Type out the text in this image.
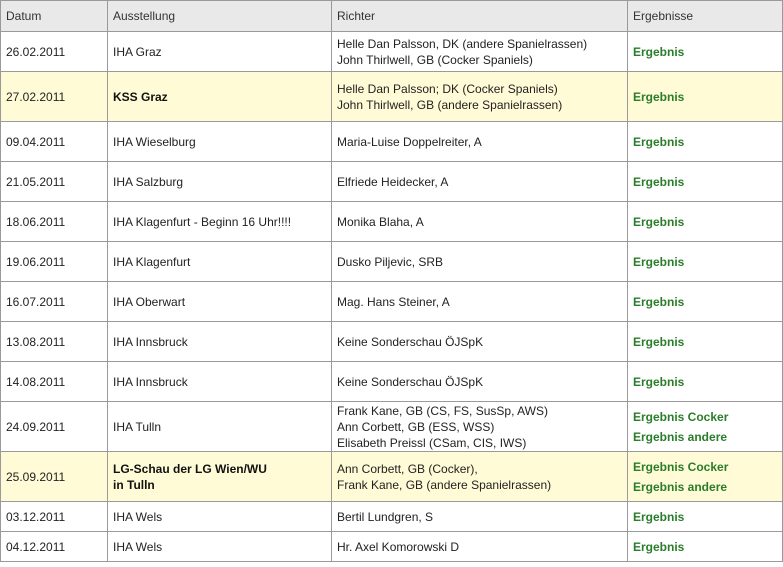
Datum	Ausstellung	Richter	Ergebnisse
26.02.2011	IHA Graz	Helle Dan Palsson, DK (andere Spanielrassen)
John Thirlwell, GB (Cocker Spaniels)	Ergebnis

27.02.2011	KSS Graz	Helle Dan Palsson; DK (Cocker Spaniels)
John Thirlwell, GB (andere Spanielrassen)	Ergebnis

09.04.2011	IHA Wieselburg	Maria-Luise Doppelreiter, A	Ergebnis

21.05.2011	IHA Salzburg	Elfriede Heidecker, A	Ergebnis

18.06.2011	IHA Klagenfurt - Beginn 16 Uhr!!!!	Monika Blaha, A	Ergebnis

19.06.2011	IHA Klagenfurt	Dusko Piljevic, SRB	Ergebnis

16.07.2011	IHA Oberwart	Mag. Hans Steiner, A	Ergebnis

13.08.2011	IHA Innsbruck	Keine Sonderschau ÖJSpK	Ergebnis

14.08.2011	IHA Innsbruck	Keine Sonderschau ÖJSpK	Ergebnis

24.09.2011	IHA Tulln	Frank Kane, GB (CS, FS, SusSp, AWS)
Ann Corbett, GB (ESS, WSS)
Elisabeth Preissl (CSam, CIS, IWS)	Ergebnis Cocker
Ergebnis andere

25.09.2011	LG-Schau der LG Wien/WU
in Tulln	Ann Corbett, GB (Cocker),
Frank Kane, GB (andere Spanielrassen)	Ergebnis Cocker
Ergebnis andere

03.12.2011	IHA Wels	Bertil Lundgren, S	Ergebnis

04.12.2011	IHA Wels	Hr. Axel Komorowski D	Ergebnis
